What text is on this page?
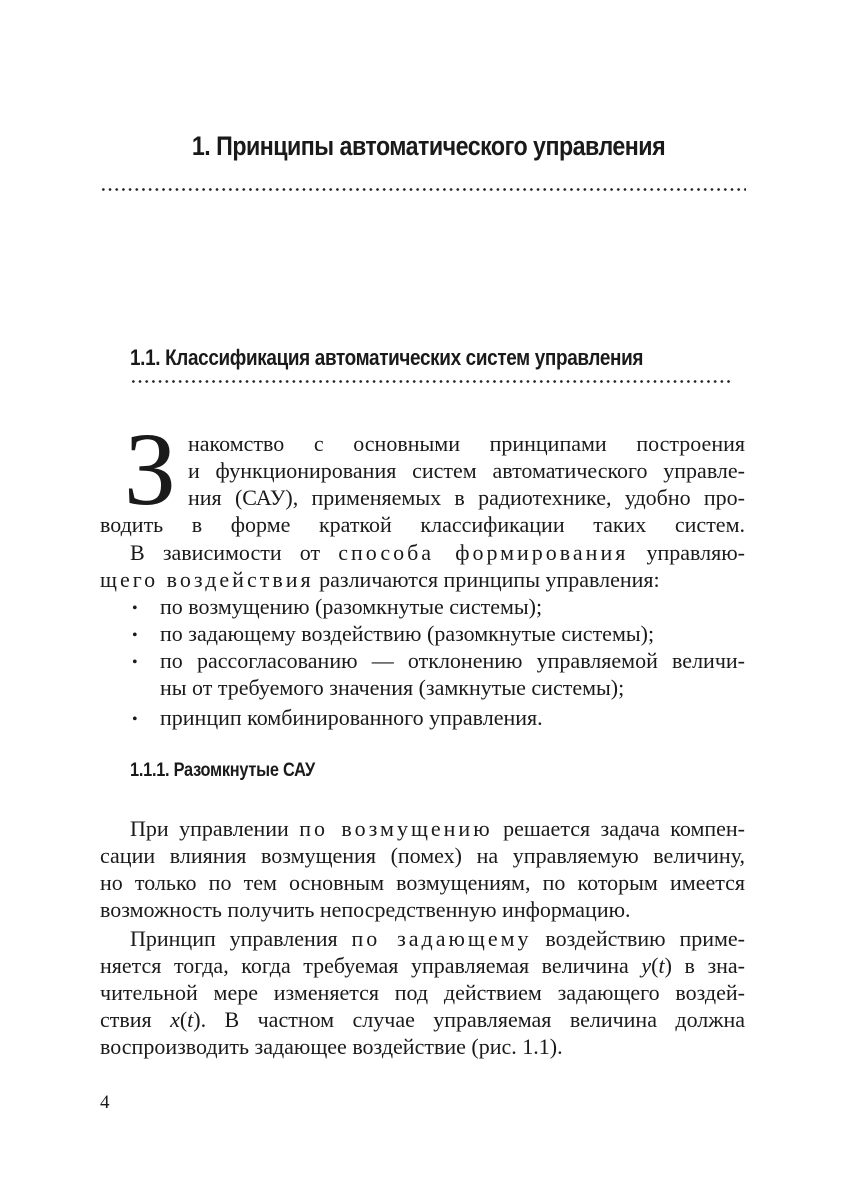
1. Принципы автоматического управления
1.1. Классификация автоматических систем управления
З накомство с основными принципами построения
и функционирования систем автоматического управле-
ния (САУ), применяемых в радиотехнике, удобно про-
водить в форме краткой классификации таких систем.
В зависимости от способа формирования управляю-
щего воздействия различаются принципы управления:
• по возмущению (разомкнутые системы);
• по задающему воздействию (разомкнутые системы);
• по рассогласованию — отклонению управляемой величи-
ны от требуемого значения (замкнутые системы);
• принцип комбинированного управления.
1.1.1. Разомкнутые САУ
При управлении по возмущению решается задача компен-
сации влияния возмущения (помех) на управляемую величину,
но только по тем основным возмущениям, по которым имеется
возможность получить непосредственную информацию.
Принцип управления по задающему воздействию приме-
няется тогда, когда требуемая управляемая величина y(t) в зна-
чительной мере изменяется под действием задающего воздей-
ствия x(t). В частном случае управляемая величина должна
воспроизводить задающее воздействие (рис. 1.1).
4
